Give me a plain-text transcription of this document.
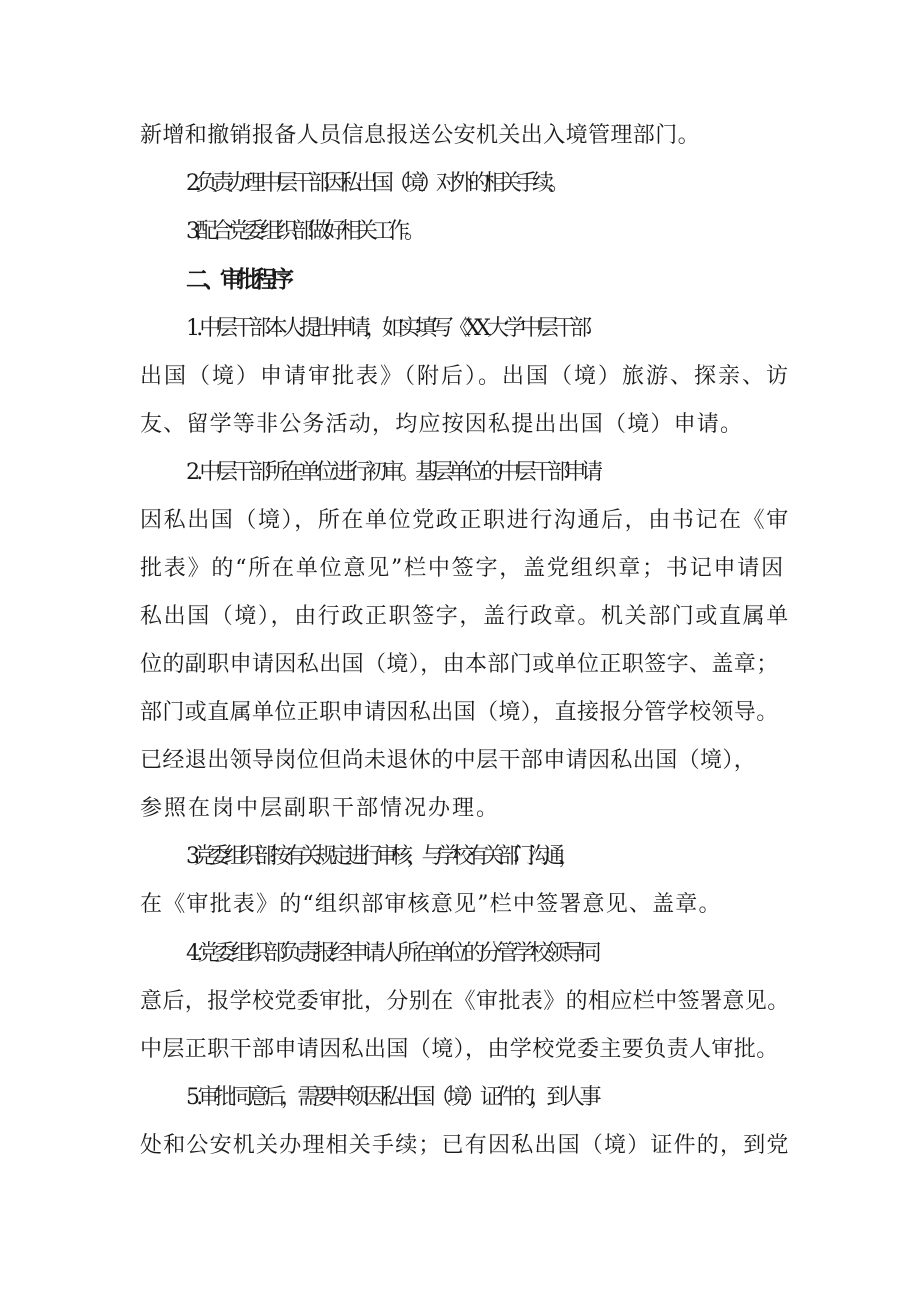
新增和撤销报备人员信息报送公安机关出入境管理部门。
2 .负责办理中层干部因私出国（境）对外的相关手续。
3 .配合党委组织部做好相关工作。
二、审批程序
1 . 中层干部本人提出申请，如实填写《XX 大学中层干部
出国（境）申请审批表》（附后）。出国（境）旅游、探亲、访
友、留学等非公务活动，均应按因私提出出国（境）申请。
2 . 中层干部所在单位进行初审。基层单位的中层干部申请
因私出国（境），所在单位党政正职进行沟通后，由书记在《审
批表》的“所在单位意见”栏中签字，盖党组织章；书记申请因
私出国（境），由行政正职签字，盖行政章。机关部门或直属单
位的副职申请因私出国（境），由本部门或单位正职签字、盖章；
部门或直属单位正职申请因私出国（境），直接报分管学校领导。
已经退出领导岗位但尚未退休的中层干部申请因私出国（境），
参照在岗中层副职干部情况办理。
3 .党委组织部按有关规定进行审核，与学校有关部门沟通，
在《审批表》的“组织部审核意见”栏中签署意见、盖章。
4 .党委组织部负责报经申请人所在单位的分管学校领导同
意后，报学校党委审批，分别在《审批表》的相应栏中签署意见。
中层正职干部申请因私出国（境），由学校党委主要负责人审批。
5 .审批同意后，需要申领因私出国（境）证件的，到人事
处和公安机关办理相关手续；已有因私出国（境）证件的，到党
